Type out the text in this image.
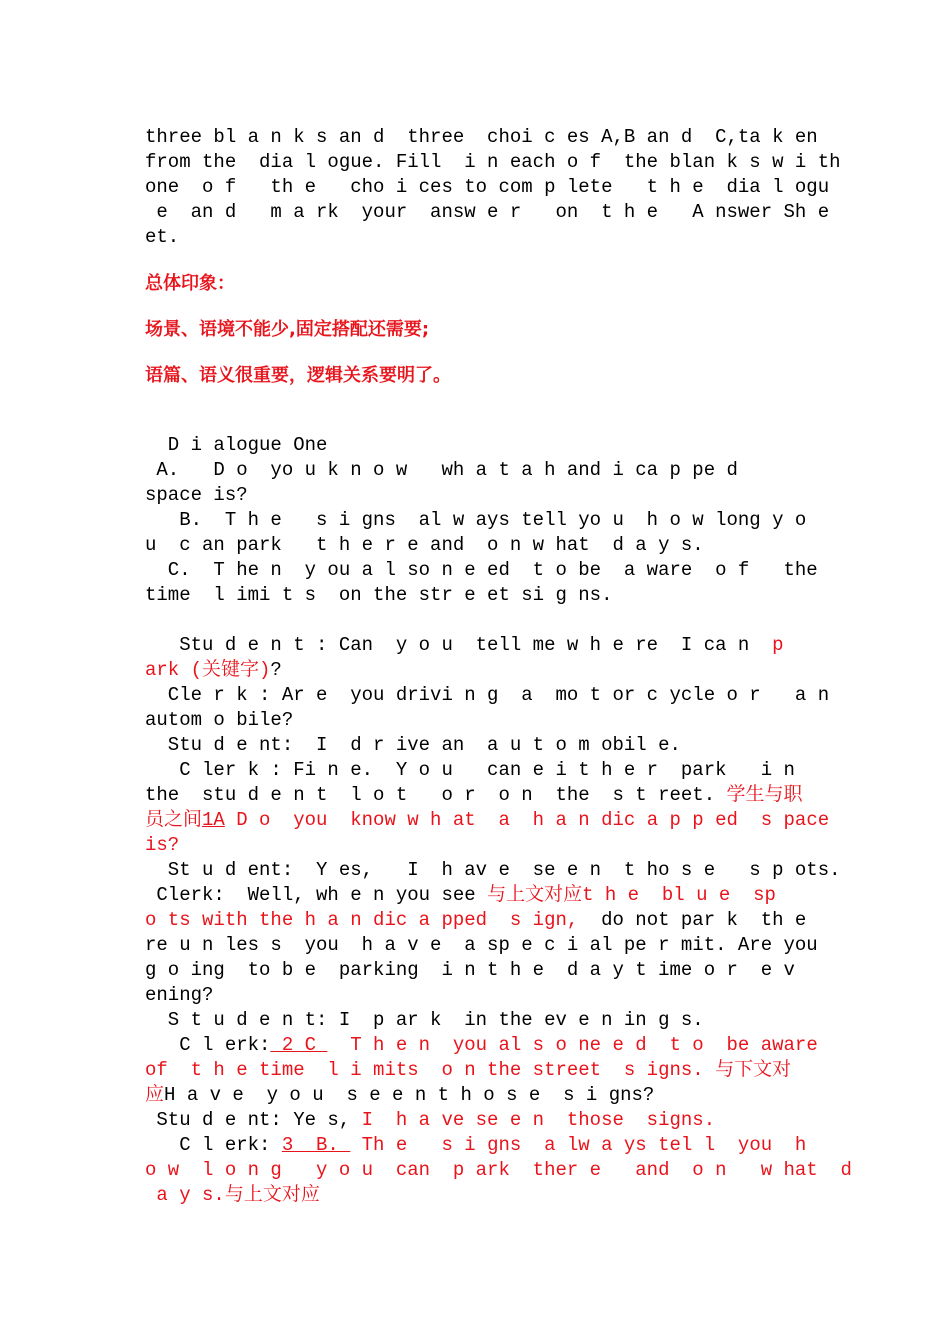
three bl a n k s an d  three  choi c es A,B an d  C,ta k en

from the  dia l ogue. Fill  i n each o f  the blan k s w i th

one  o f   th e   cho i ces to com p lete   t h e  dia l ogu

e  an d   m a rk  your  answ e r   on  t h e   A nswer Sh e

et.

总体印象：

场景、语境不能少,固定搭配还需要;

语篇、语义很重要，逻辑关系要明了。

D i alogue One

A.   D o  yo u k n o w   wh a t a h and i ca p pe d

space is?

B.  T h e   s i gns  al w ays tell yo u  h o w long y o

u  c an park   t h e r e and  o n w hat  d a y s.

C.  T he n  y ou a l so n e ed  t o be  a ware  o f   the

time  l imi t s  on the str e et si g ns.

Stu d e n t : Can  y o u  tell me w h e re  I ca n  p

ark (关键字)?

Cle r k : Ar e  you drivi n g  a  mo t or c ycle o r   a n

autom o bile?

Stu d e nt:  I  d r ive an  a u t o m obil e.

C ler k : Fi n e.  Y o u   can e i t h e r  park   i n

the  stu d e n t  l o t   o r  o n  the  s t reet. 学生与职

员之间1A D o  you  know w h at  a  h a n dic a p p ed  s pace

is?

St u d ent:  Y es,   I  h av e  se e n  t ho s e   s p ots.

Clerk:  Well, wh e n you see 与上文对应t h e  bl u e  sp

o ts with the h a n dic a pped  s ign,  do not par k  th e

re u n les s  you  h a v e  a sp e c i al pe r mit. Are you

g o ing  to b e  parking  i n t h e  d a y t ime o r  e v

ening?

S t u d e n t: I  p ar k  in the ev e n in g s.

C l erk: 2 C   T h e n  you al s o ne e d  t o  be aware

of  t h e time  l i mits  o n the street  s igns. 与下文对

应H a v e  y o u  s e e n t h o s e  s i gns?

Stu d e nt: Ye s, I  h a ve se e n  those  signs.

C l erk: 3  B.  Th e   s i gns  a lw a ys tel l  you  h

o w  l o n g   y o u  can  p ark  ther e   and  o n   w hat  d

a y s.与上文对应
